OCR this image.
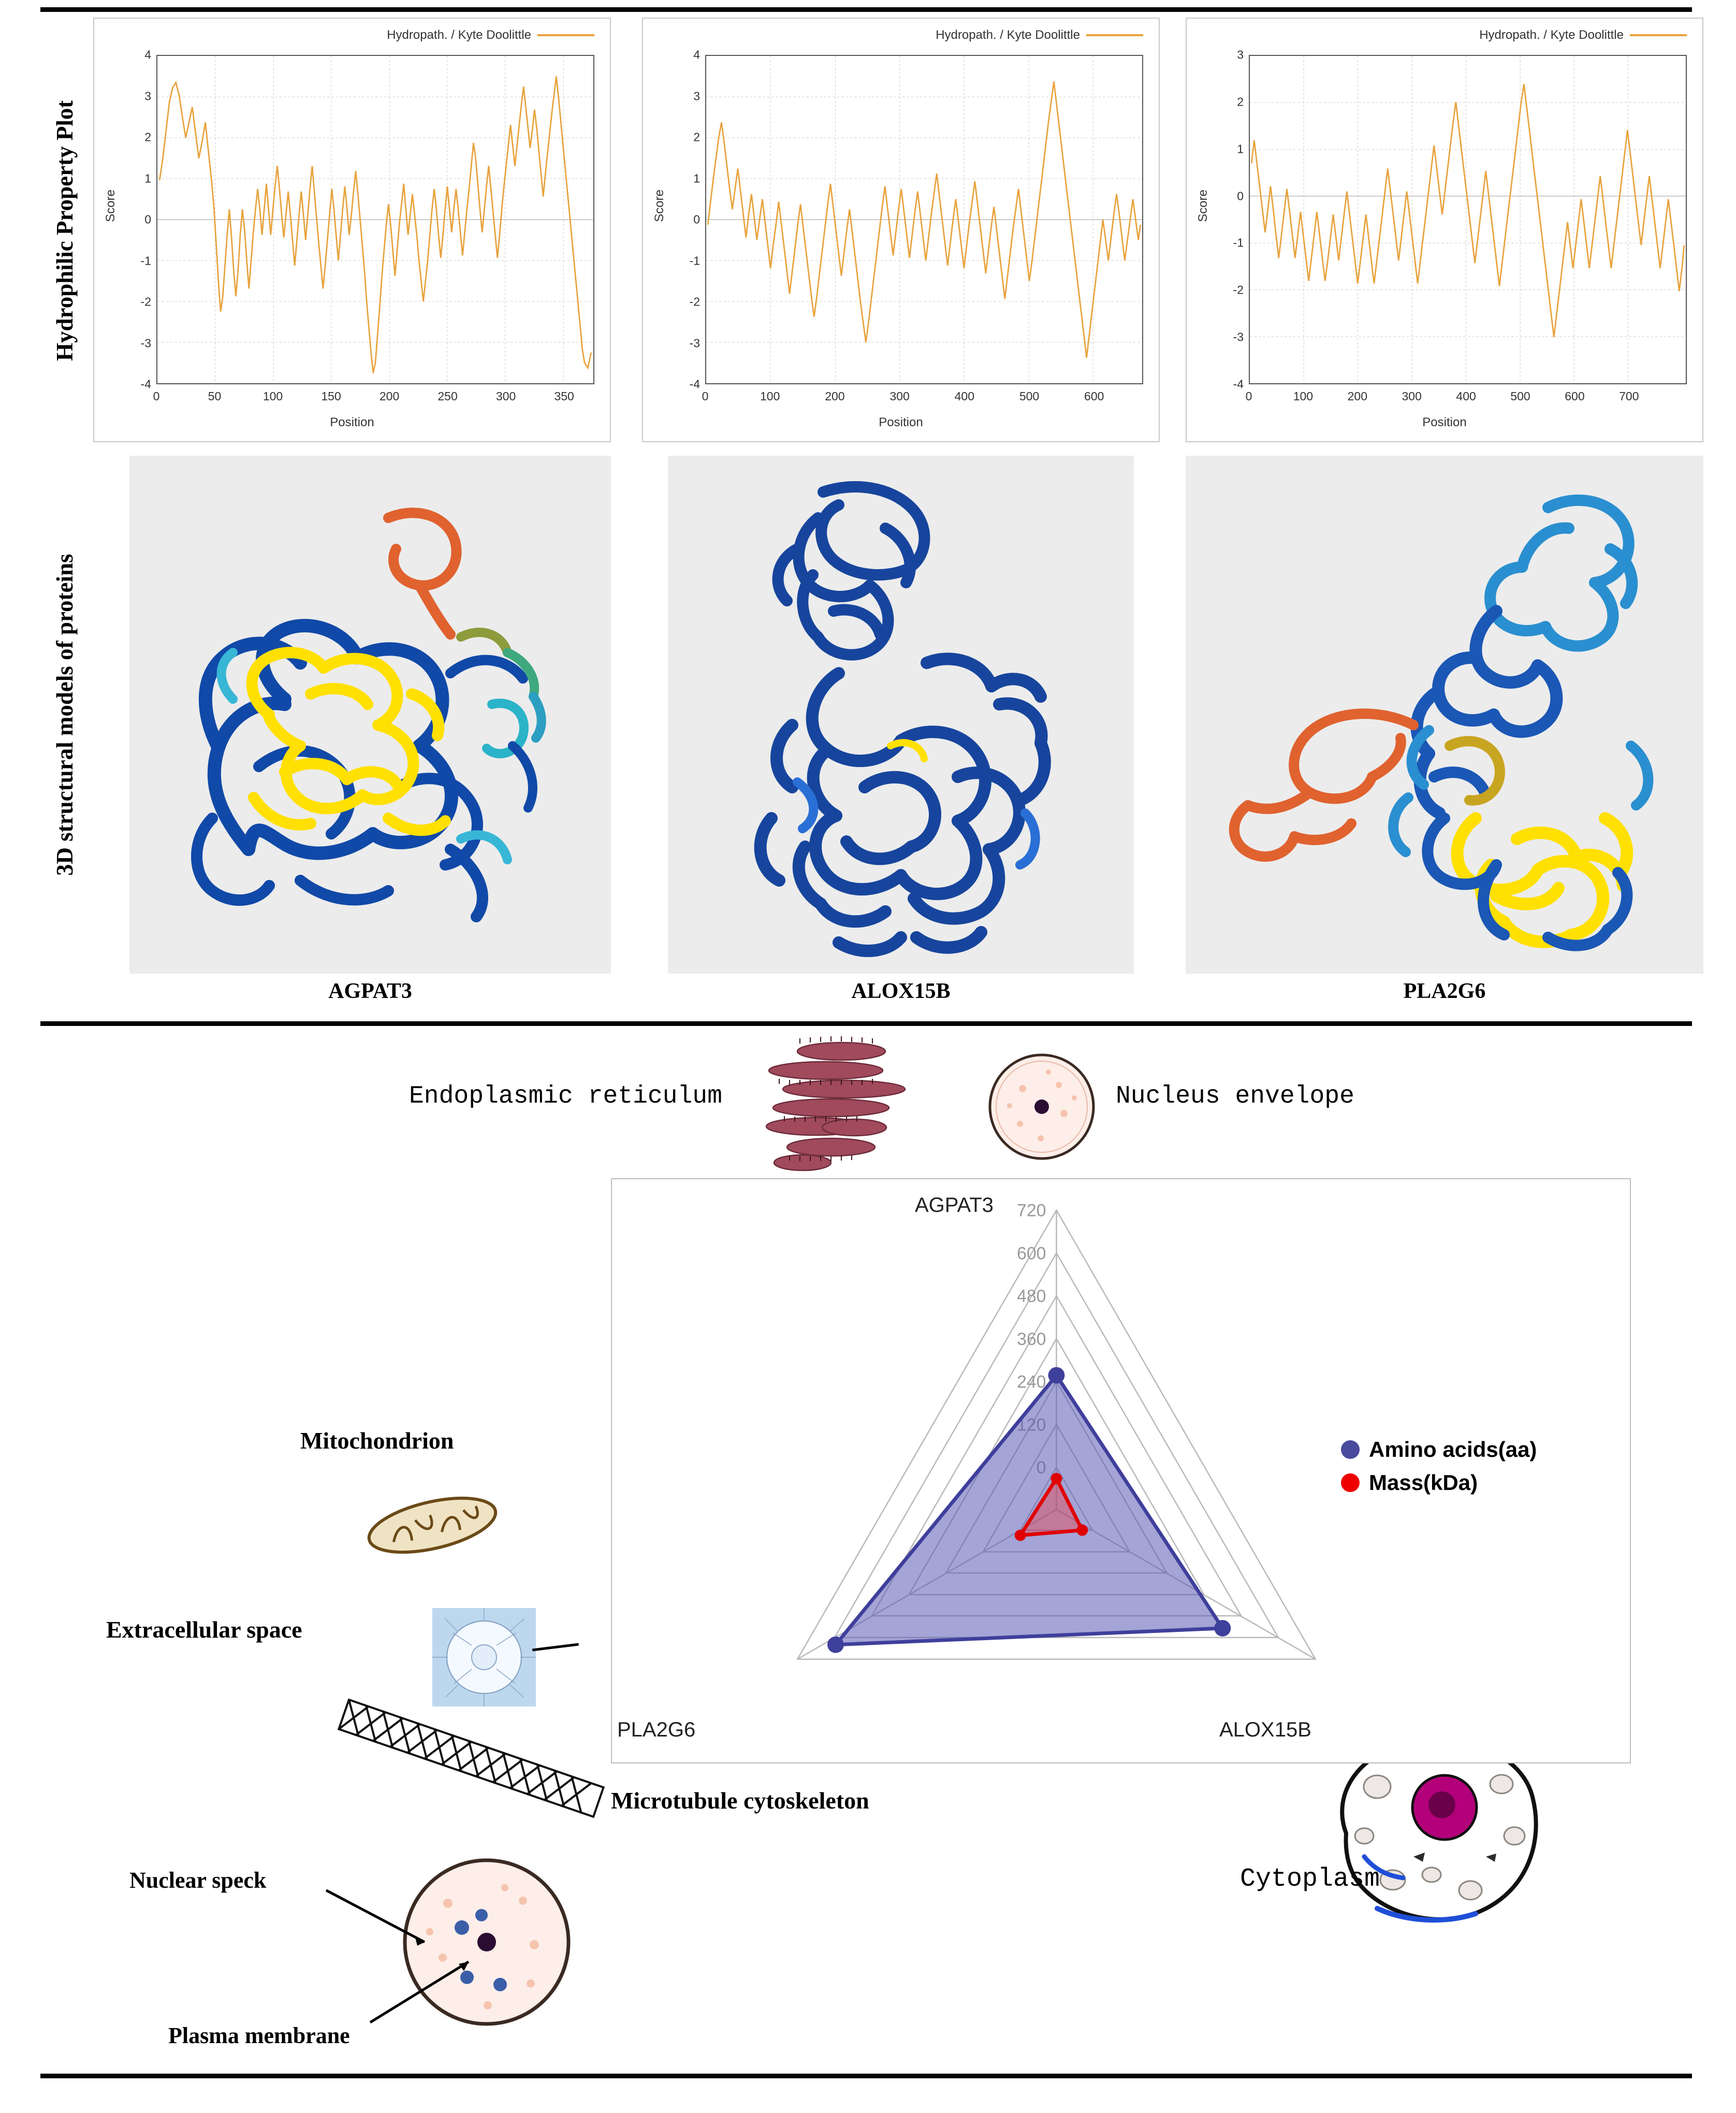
Hydrophilic Property Plot
3D structural models of proteins
Hydropath. / Kyte Doolittle
Score
Position
4
3
2
1
0
-1
-2
-3
-4
0	50	100	150	200	250	300	350
Hydropath. / Kyte Doolittle
Score
Position
4
3
2
1
0
-1
-2
-3
-4
0	100	200	300	400	500	600
Hydropath. / Kyte Doolittle
Score
Position
3
2
1
0
-1
-2
-3
-4
0	100	200	300	400	500	600	700
AGPAT3	ALOX15B	PLA2G6
Endoplasmic reticulum	Nucleus envelope
Mitochondrion
Extracellular space
Microtubule cytoskeleton
Nuclear speck
Plasma membrane
Cytoplasm
720
600
480
360
240
AGPAT3
PLA2G6	ALOX15B
Amino acids(aa)
Mass(kDa)
